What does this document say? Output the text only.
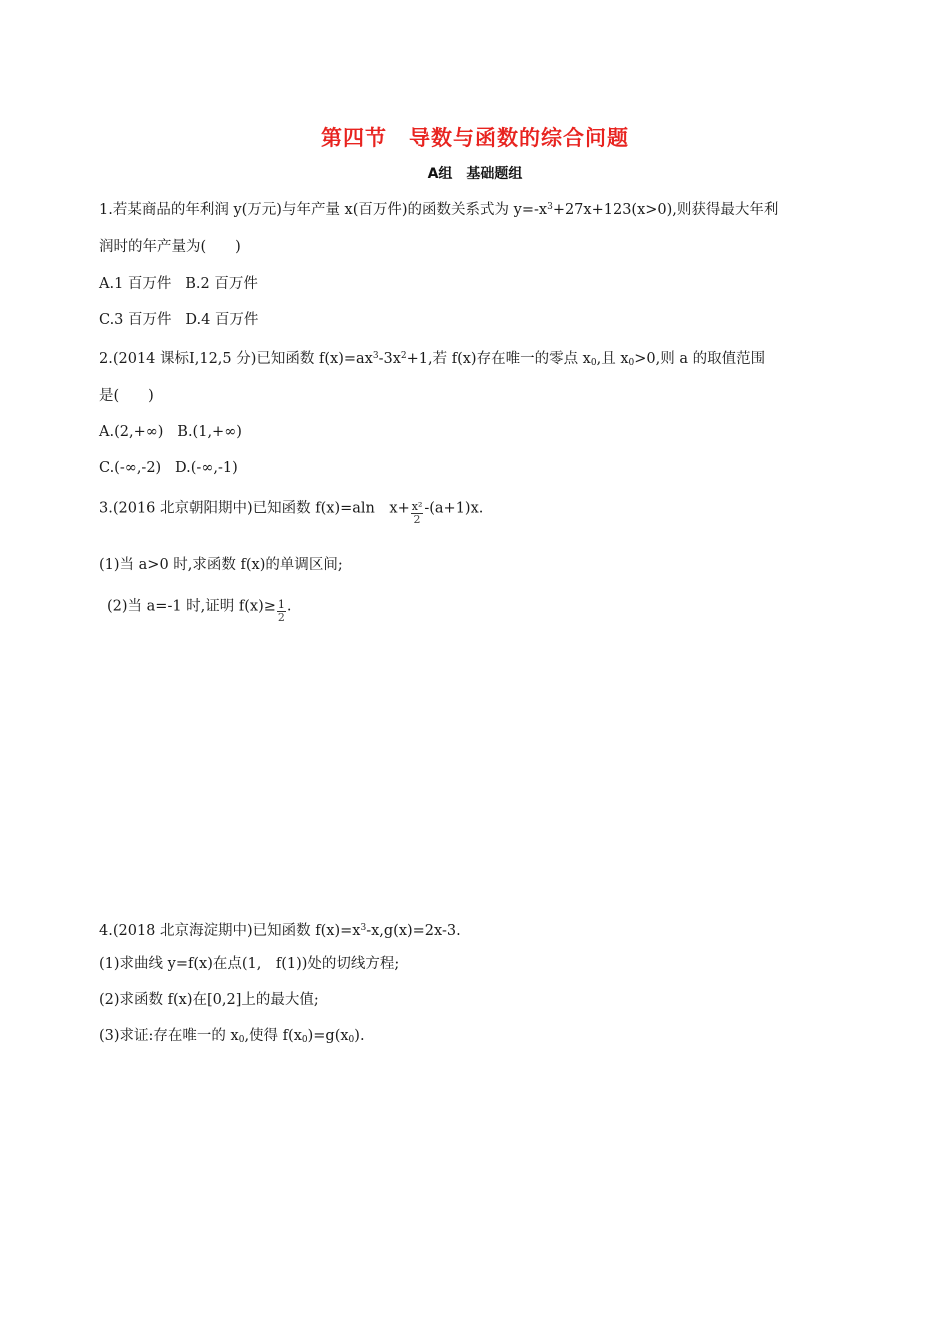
第四节　导数与函数的综合问题
A组　基础题组
1.若某商品的年利润 y(万元)与年产量 x(百万件)的函数关系式为 $y=-x^3+27x+123(x>0)$,则获得最大年利
润时的年产量为(　　)
A.1 百万件 B.2 百万件
C.3 百万件 D.4 百万件
2.(2014 课标Ⅰ,12,5 分)已知函数 $f(x)=ax^3-3x^2+1$,若 f(x)存在唯一的零点 $x_0$,且 $x_0>0$,则 a 的取值范围
是(　　)
A.(2,+∞) B.(1,+∞)
C.(-∞,-2) D.(-∞,-1)
3.(2016 北京朝阳期中)已知函数 f(x)=aln　$x+ \frac{\text{x²}}{2} -(a+1)x$.
(1)当 a>0 时,求函数 f(x)的单调区间;
(2)当 a=-1 时,证明 $f(x)\ge \frac{1}{2}$ .
4.(2018 北京海淀期中)已知函数 $f(x)=x^3-x,g(x)=2x-3$.
(1)求曲线 y=f(x)在点(1,　f(1))处的切线方程;
(2)求函数 f(x)在[0,2]上的最大值;
(3)求证:存在唯一的 $x_0$,使得 $f(x_0)=g(x_0)$.
